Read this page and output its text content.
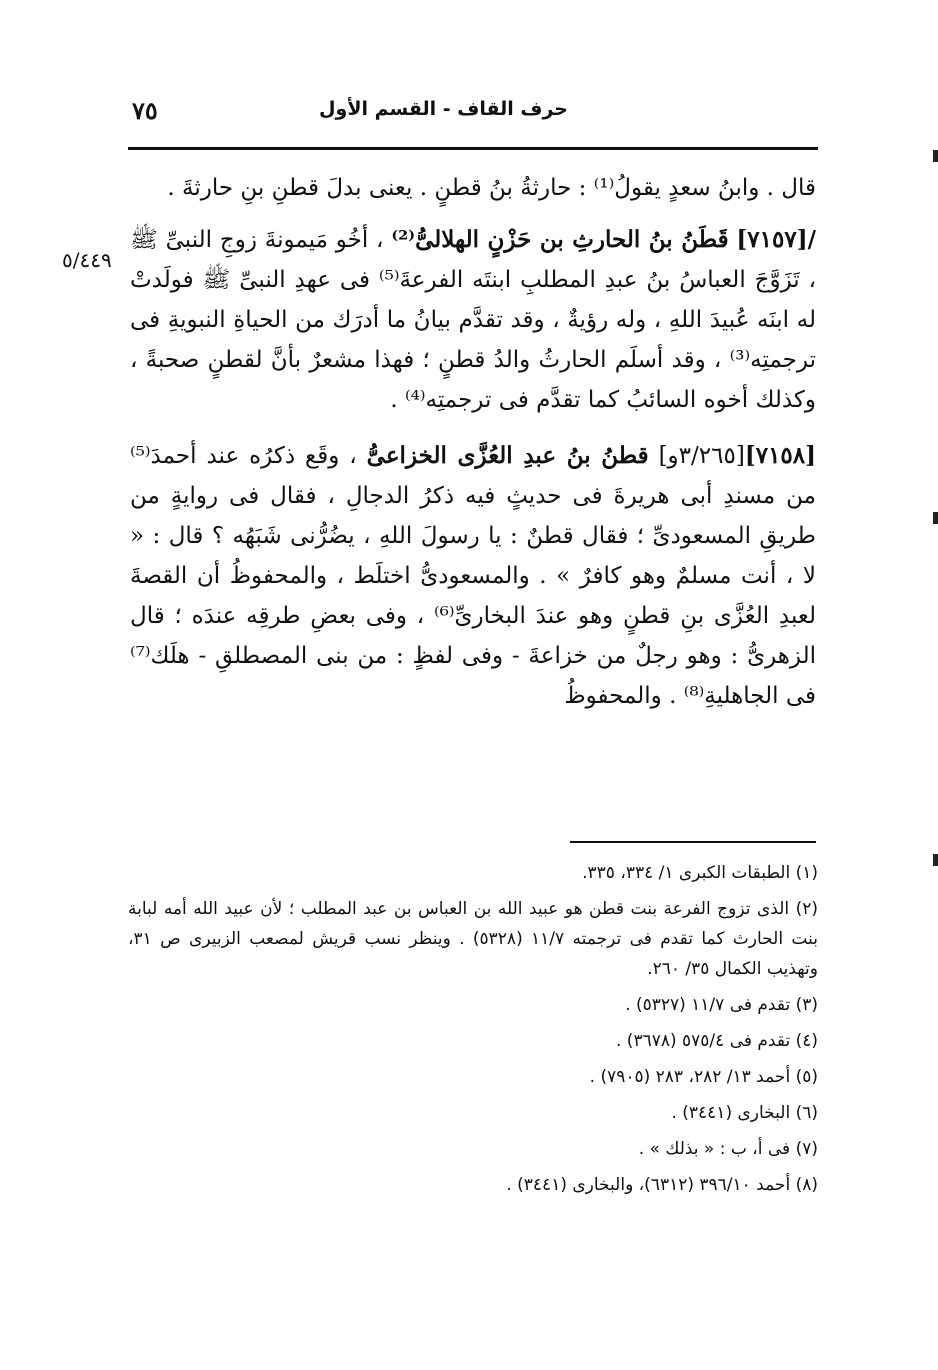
٧٥	حرف القاف - القسم الأول
٥/٤٤٩

قال . وابنُ سعدٍ يقولُ⁽¹⁾ : حارثةُ بنُ قطنٍ . يعنى بدلَ قطنِ بنِ حارثةَ .

/[٧١٥٧] قَطَنُ بنُ الحارثِ بن حَزْنٍ الهلالىُّ⁽²⁾ ، أخُو مَيمونةَ زوجِ النبىِّ ﷺ ، تَزَوَّجَ العباسُ بنُ عبدِ المطلبِ ابنتَه الفرعةَ⁽⁵⁾ فى عهدِ النبىِّ ﷺ فولَدتْ له ابنَه عُبيدَ اللهِ ، وله رؤيةٌ ، وقد تقدَّم بيانُ ما أدرَك من الحياةِ النبويةِ فى ترجمتِه⁽³⁾ ، وقد أسلَم الحارثُ والدُ قطنٍ ؛ فهذا مشعرٌ بأنَّ لقطنٍ صحبةً ، وكذلك أخوه السائبُ كما تقدَّم فى ترجمتِه⁽⁴⁾ .

[٧١٥٨][٣/٢٦٥و] قطنُ بنُ عبدِ العُزَّى الخزاعىُّ ، وقَع ذكرُه عند أحمدَ⁽⁵⁾ من مسندِ أبى هريرةَ فى حديثٍ فيه ذكرُ الدجالِ ، فقال فى روايةٍ من طريقِ المسعودىِّ ؛ فقال قطنٌ : يا رسولَ اللهِ ، يضُرُّنى شَبَهُه ؟ قال : « لا ، أنت مسلمٌ وهو كافرٌ » . والمسعودىُّ اختلَط ، والمحفوظُ أن القصةَ لعبدِ العُزَّى بنِ قطنٍ وهو عندَ البخارىِّ⁽⁶⁾ ، وفى بعضِ طرقِه عندَه ؛ قال الزهرىُّ : وهو رجلٌ من خزاعةَ - وفى لفظٍ : من بنى المصطلقِ - هلَك⁽⁷⁾ فى الجاهليةِ⁽⁸⁾ . والمحفوظُ

(١) الطبقات الكبرى ١/ ٣٣٤، ٣٣٥.

(٢) الذى تزوج الفرعة بنت قطن هو عبيد الله بن العباس بن عبد المطلب ؛ لأن عبيد الله أمه لبابة بنت الحارث كما تقدم فى ترجمته ١١/٧ (٥٣٢٨) . وينظر نسب قريش لمصعب الزبيرى ص ٣١، وتهذيب الكمال ٣٥/ ٢٦٠.

(٣) تقدم فى ١١/٧ (٥٣٢٧) .

(٤) تقدم فى ٥٧٥/٤ (٣٦٧٨) .

(٥) أحمد ١٣/ ٢٨٢، ٢٨٣ (٧٩٠٥) .

(٦) البخارى (٣٤٤١) .

(٧) فى أ، ب : « بذلك » .

(٨) أحمد ٣٩٦/١٠ (٦٣١٢)، والبخارى (٣٤٤١) .
